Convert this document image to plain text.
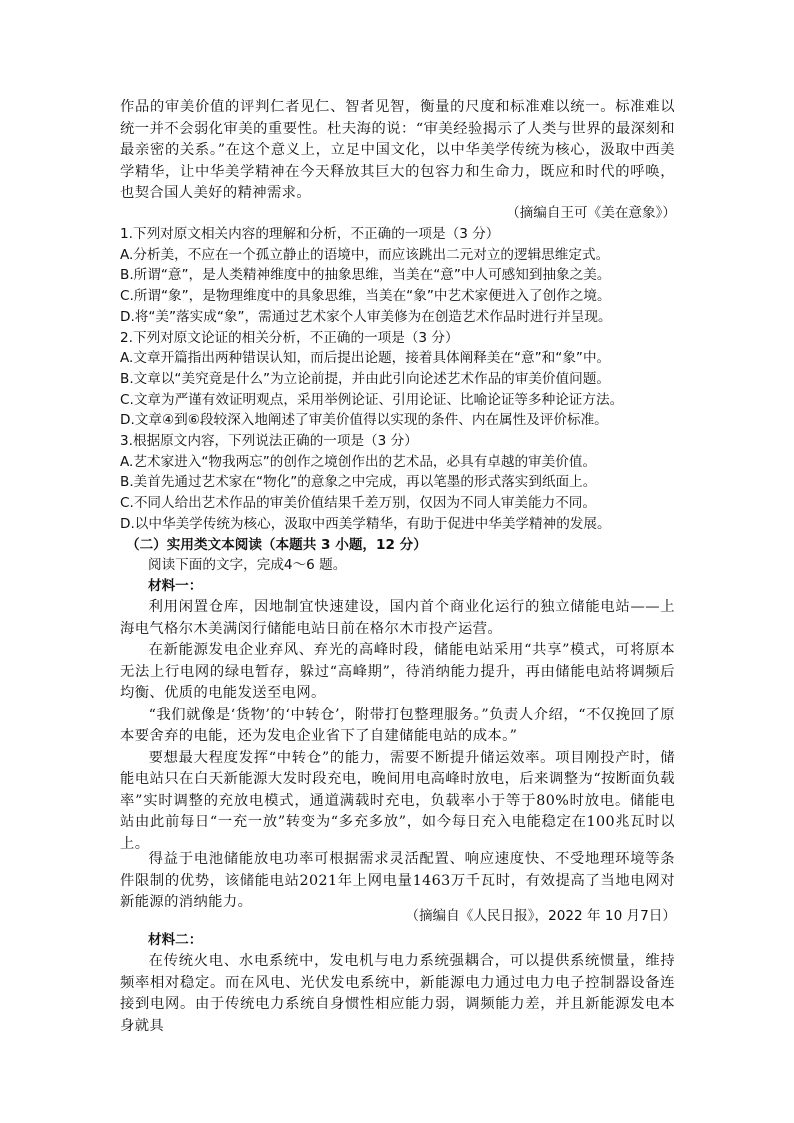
作品的审美价值的评判仁者见仁、智者见智，衡量的尺度和标准难以统一。标准难以统一并不会弱化审美的重要性。杜夫海的说：“审美经验揭示了人类与世界的最深刻和最亲密的关系。”在这个意义上，立足中国文化，以中华美学传统为核心，汲取中西美学精华，让中华美学精神在今天释放其巨大的包容力和生命力，既应和时代的呼唤，也契合国人美好的精神需求。

（摘编自王可《美在意象》）

1.下列对原文相关内容的理解和分析，不正确的一项是（3 分）

A.分析美，不应在一个孤立静止的语境中，而应该跳出二元对立的逻辑思维定式。

B.所谓“意”，是人类精神维度中的抽象思维，当美在“意”中人可感知到抽象之美。

C.所谓“象”，是物理维度中的具象思维，当美在“象”中艺术家便进入了创作之境。

D.将“美”落实成“象”，需通过艺术家个人审美修为在创造艺术作品时进行并呈现。

2.下列对原文论证的相关分析，不正确的一项是（3 分）

A.文章开篇指出两种错误认知，而后提出论题，接着具体阐释美在“意”和“象”中。

B.文章以“美究竟是什么”为立论前提，并由此引向论述艺术作品的审美价值问题。

C.文章为严谨有效证明观点，采用举例论证、引用论证、比喻论证等多种论证方法。

D.文章④到⑥段较深入地阐述了审美价值得以实现的条件、内在属性及评价标准。

3.根据原文内容，下列说法正确的一项是（3 分）

A.艺术家进入“物我两忘”的创作之境创作出的艺术品，必具有卓越的审美价值。

B.美首先通过艺术家在“物化”的意象之中完成，再以笔墨的形式落实到纸面上。

C.不同人给出艺术作品的审美价值结果千差万别，仅因为不同人审美能力不同。

D.以中华美学传统为核心，汲取中西美学精华，有助于促进中华美学精神的发展。

（二）实用类文本阅读（本题共 3 小题，12 分）

阅读下面的文字，完成4～6 题。

材料一：

利用闲置仓库，因地制宜快速建设，国内首个商业化运行的独立储能电站——上海电气格尔木美满闵行储能电站日前在格尔木市投产运营。

在新能源发电企业弃风、弃光的高峰时段，储能电站采用“共享”模式，可将原本无法上行电网的绿电暂存，躲过“高峰期”，待消纳能力提升，再由储能电站将调频后均衡、优质的电能发送至电网。

“我们就像是‘货物’的‘中转仓’，附带打包整理服务。”负责人介绍，“不仅挽回了原本要舍弃的电能，还为发电企业省下了自建储能电站的成本。”

要想最大程度发挥“中转仓”的能力，需要不断提升储运效率。项目刚投产时，储能电站只在白天新能源大发时段充电，晚间用电高峰时放电，后来调整为“按断面负载率”实时调整的充放电模式，通道满载时充电，负载率小于等于80%时放电。储能电站由此前每日“一充一放”转变为“多充多放”，如今每日充入电能稳定在100兆瓦时以上。

得益于电池储能放电功率可根据需求灵活配置、响应速度快、不受地理环境等条件限制的优势，该储能电站2021年上网电量1463万千瓦时，有效提高了当地电网对新能源的消纳能力。

（摘编自《人民日报》，2022 年 10 月7日）

材料二：

在传统火电、水电系统中，发电机与电力系统强耦合，可以提供系统惯量，维持频率相对稳定。而在风电、光伏发电系统中，新能源电力通过电力电子控制器设备连接到电网。由于传统电力系统自身惯性相应能力弱，调频能力差，并且新能源发电本身就具
